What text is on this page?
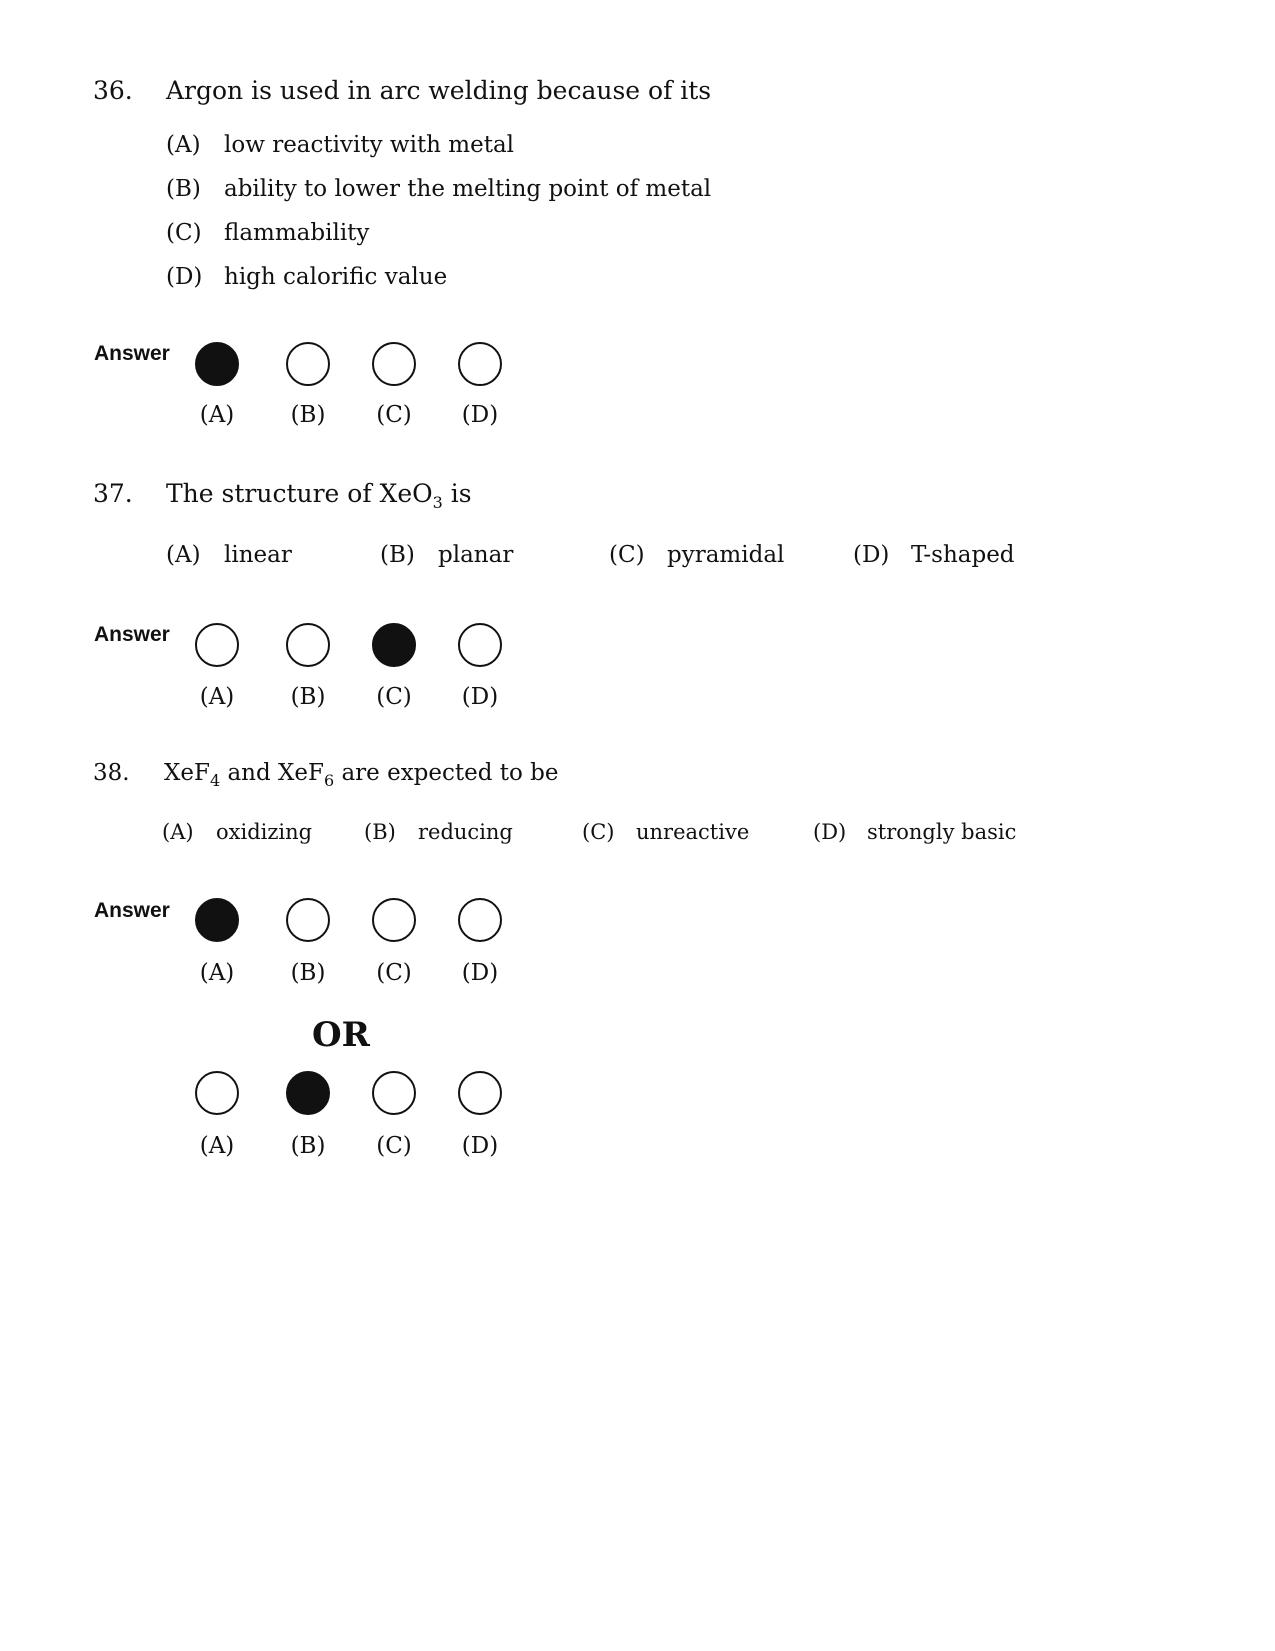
36. Argon is used in arc welding because of its
(A) low reactivity with metal
(B) ability to lower the melting point of metal
(C) flammability
(D) high calorific value
Answer
37. The structure of XeO$_3$ is
(A) linear	(B) planar	(C) pyramidal	(D) T-shaped
Answer
38. XeF$_4$ and XeF$_6$ are expected to be
(A) oxidizing (B) reducing	(C) unreactive	(D) strongly basic
Answer
OR
(A)	(B)	(C)	(D)
(A)	(B)	(C)	(D)
(A)	(B)	(C)	(D)
(A)	(B)	(C)	(D)
